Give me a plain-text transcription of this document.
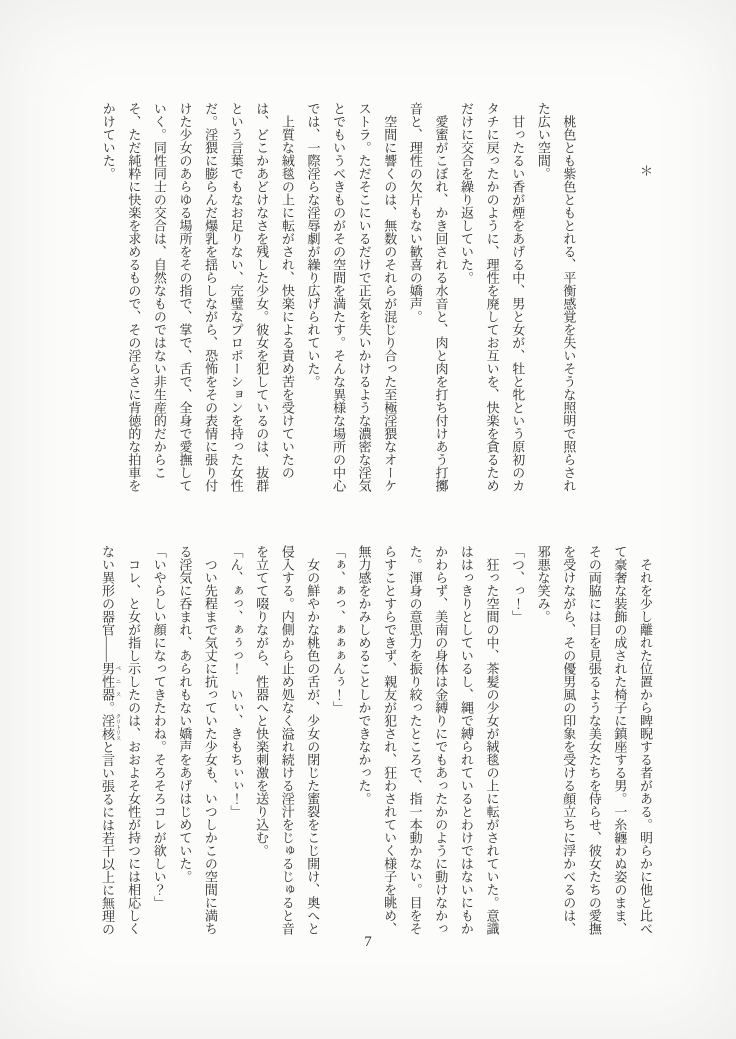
＊
桃色とも紫色ともとれる、平衡感覚を失いそうな照明で照らされ
た広い空間。
甘ったるい香が煙をあげる中、男と女が、牡と牝という原初のカ
タチに戻ったかのように、理性を廃してお互いを、快楽を貪るため
だけに交合を繰り返していた。
愛蜜がこぼれ、かき回される水音と、肉と肉を打ち付けあう打擲
音と、理性の欠片もない歓喜の嬌声。
空間に響くのは、無数のそれらが混じり合った至極淫猥なオーケ
ストラ。ただそこにいるだけで正気を失いかけるような濃密な淫気
とでもいうべきものがその空間を満たす。そんな異様な場所の中心
では、一際淫らな淫辱劇が繰り広げられていた。
上質な絨毯の上に転がされ、快楽による責め苦を受けていたの
は、どこかあどけなさを残した少女。彼女を犯しているのは、抜群
という言葉でもなお足りない、完璧なプロポーションを持った女性
だ。淫猥に膨らんだ爆乳を揺らしながら、恐怖をその表情に張り付
けた少女のあらゆる場所をその指で、掌で、舌で、全身で愛撫して
いく。同性同士の交合は、自然なものではない非生産的だからこ
そ、ただ純粋に快楽を求めるもので、その淫らさに背徳的な拍車を
かけていた。
それを少し離れた位置から睥睨する者がある。明らかに他と比べ
て豪奢な装飾の成された椅子に鎮座する男。一糸纏わぬ姿のまま、
その両脇には目を見張るような美女たちを侍らせ、彼女たちの愛撫
を受けながら、その優男風の印象を受ける顔立ちに浮かべるのは、
邪悪な笑み。
「つ、っ！」
狂った空間の中、茶髪の少女が絨毯の上に転がされていた。意識
ははっきりとしているし、縄で縛られているとわけではないにもか
かわらず、美南の身体は金縛りにでもあったかのように動けなかっ
た。渾身の意思力を振り絞ったところで、指一本動かない。目をそ
らすことすらできず、親友が犯され、狂わされていく様子を眺め、
無力感をかみしめることしかできなかった。
「ぁ、ぁっ、ぁぁぁんぅ！」
女の鮮やかな桃色の舌が、少女の閉じた蜜裂をこじ開け、奥へと
侵入する。内側から止め処なく溢れ続ける淫汁をじゅるじゅると音
を立てて啜りながら、性器へと快楽刺激を送り込む。
「ん、ぁっ、ぁぅっ！　いぃ、きもちぃぃ！」
つい先程まで気丈に抗っていた少女も、いつしかこの空間に満ち
る淫気に呑まれ、あられもない嬌声をあげはじめていた。
「いやらしい顔になってきたわね。そろそろコレが欲しい？」
コレ、と女が指し示したのは、おおよそ女性が持つには相応しく
ない異形の器官――男性器 ペニス。淫核 クリトリスと言い張るには若干以上に無理の
7
